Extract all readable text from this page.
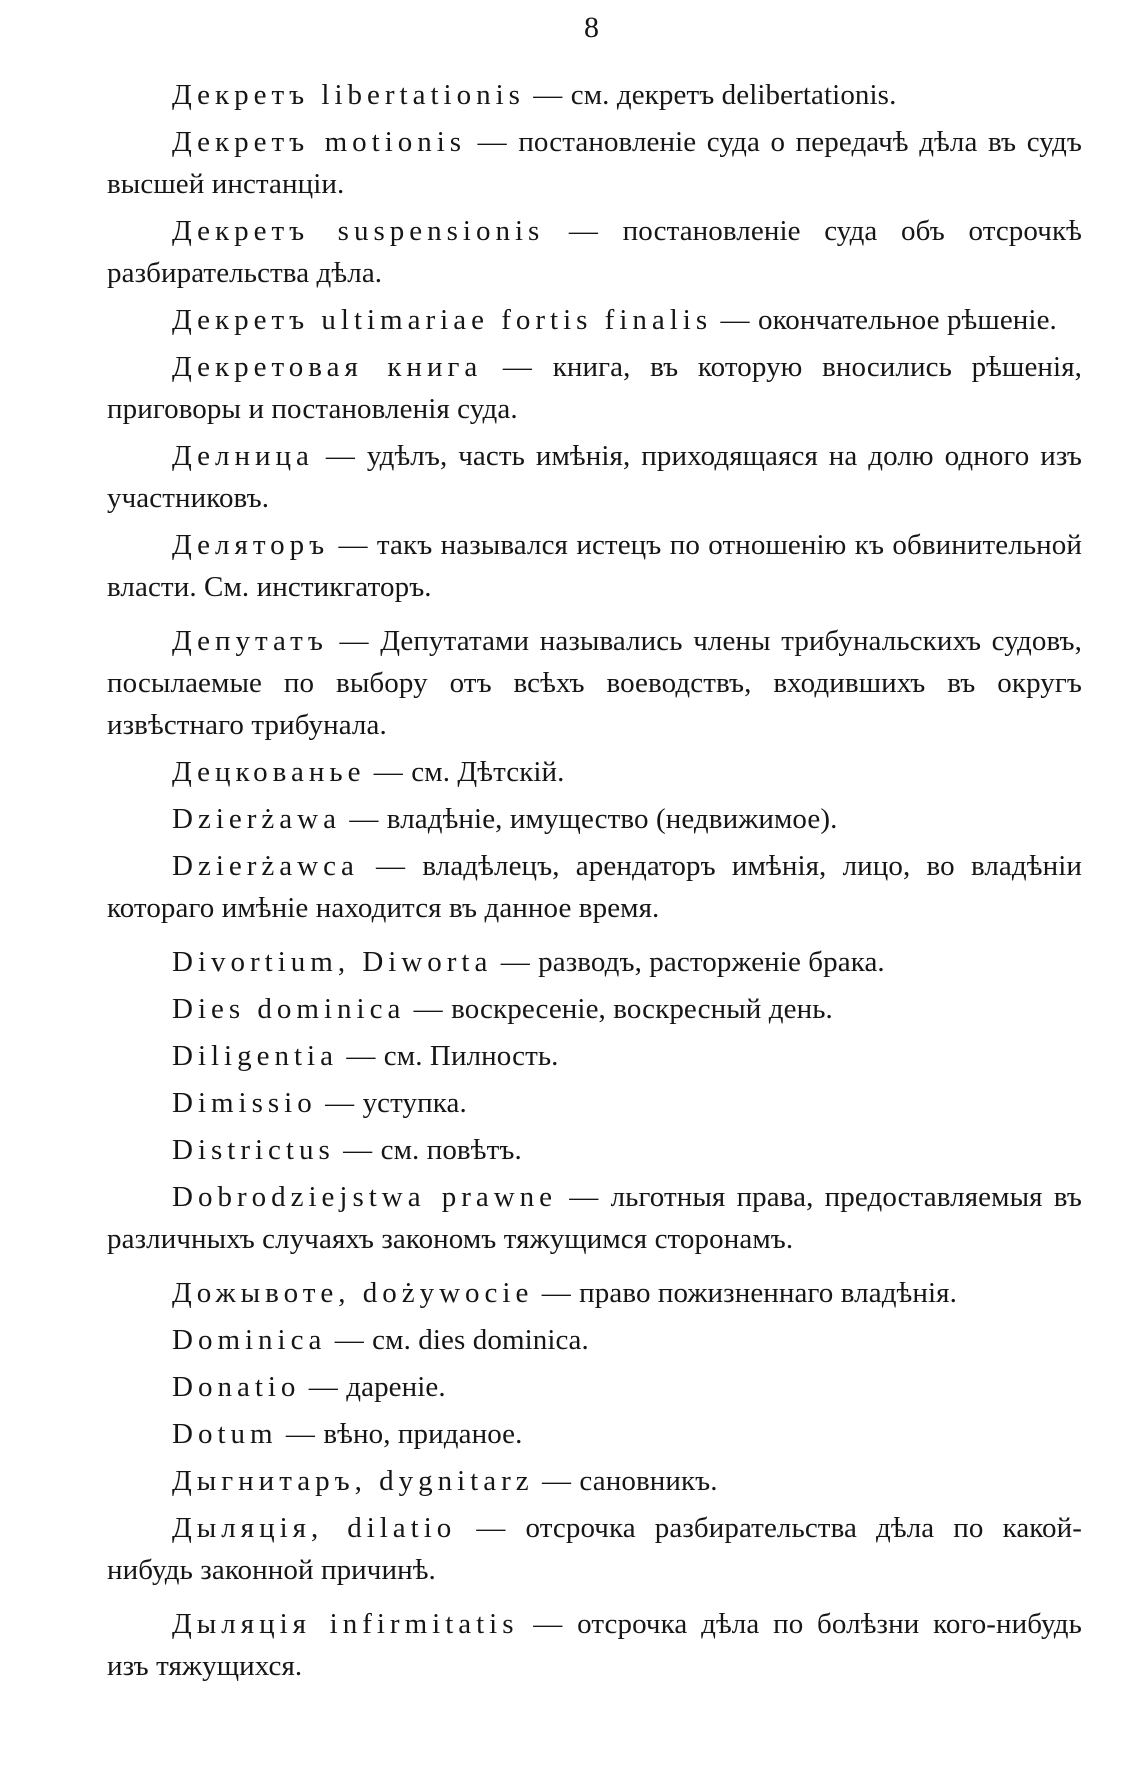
8
Декретъ libertationis — см. декретъ delibertationis.
Декретъ motionis — постановленіе суда о передачѣ дѣла въ судъ высшей инстанціи.
Декретъ suspensionis — постановленіе суда объ отсрочкѣ разбирательства дѣла.
Декретъ ultimariae fortis finalis — окончательное рѣшеніе.
Декретовая книга — книга, въ которую вносились рѣшенія, приговоры и постановленія суда.
Делница — удѣлъ, часть имѣнія, приходящаяся на долю одного изъ участниковъ.
Деляторъ — такъ назывался истецъ по отношенію къ обвинительной власти. См. инстикгаторъ.
Депутатъ — Депутатами назывались члены трибунальскихъ судовъ, посылаемые по выбору отъ всѣхъ воеводствъ, входившихъ въ округъ извѣстнаго трибунала.
Децкованье — см. Дѣтскій.
Dzierżawa — владѣніе, имущество (недвижимое).
Dzierżawca — владѣлецъ, арендаторъ имѣнія, лицо, во владѣніи котораго имѣніе находится въ данное время.
Divortium, Diworta — разводъ, расторженіе брака.
Dies dominica — воскресеніе, воскресный день.
Diligentia — см. Пилность.
Dimissio — уступка.
Districtus — см. повѣтъ.
Dobrodziejstwa prawne — льготныя права, предоставляемыя въ различныхъ случаяхъ закономъ тяжущимся сторонамъ.
Дожывоте, dożywocie — право пожизненнаго владѣнія.
Dominica — см. dies dominica.
Donatio — дареніе.
Dotum — вѣно, приданое.
Дыгнитаръ, dygnitarz — сановникъ.
Дыляція, dilatio — отсрочка разбирательства дѣла по какой-нибудь законной причинѣ.
Дыляція infirmitatis — отсрочка дѣла по болѣзни кого-нибудь изъ тяжущихся.
